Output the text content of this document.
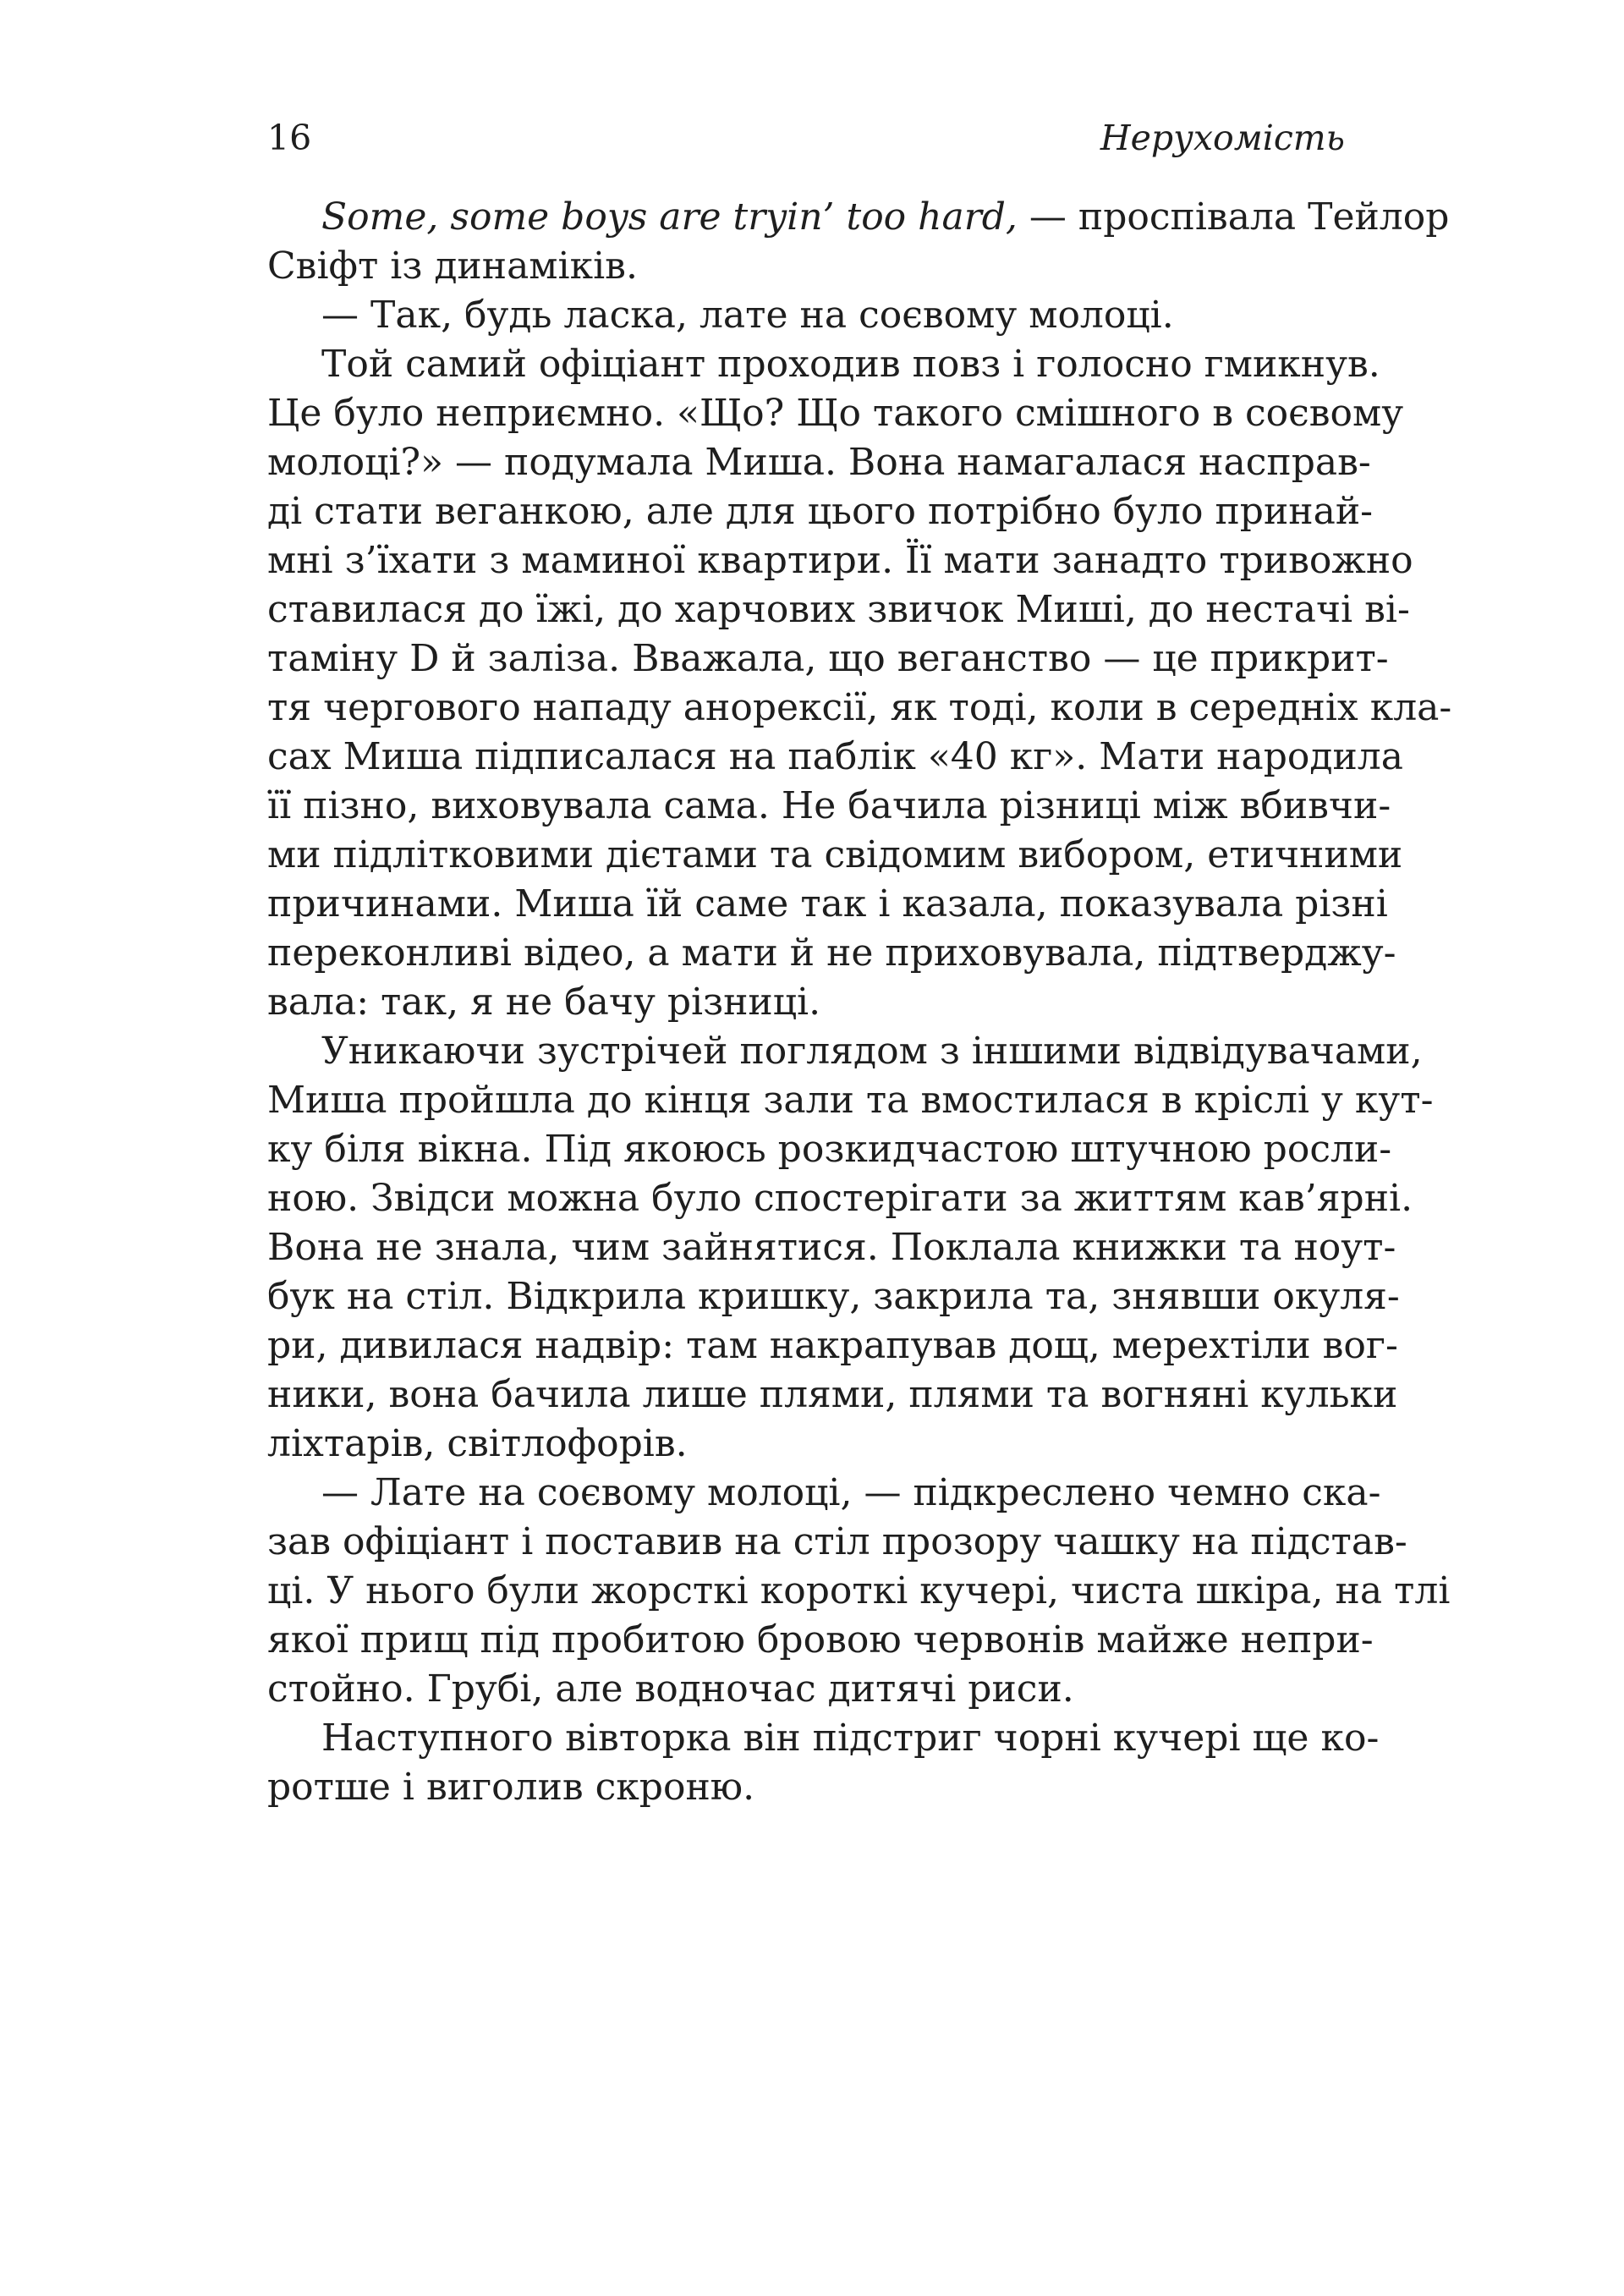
16	Нерухомість
Some, some boys are tryin’ too hard, — проспівала Тейлор
Свіфт із динаміків.
— Так, будь ласка, лате на соєвому молоці.
Той самий офіціант проходив повз і голосно гмикнув.
Це було неприємно. «Що? Що такого смішного в соєвому
молоці?» — подумала Миша. Вона намагалася насправ-
ді стати веганкою, але для цього потрібно було принай-
мні з’їхати з маминої квартири. Її мати занадто тривожно
ставилася до їжі, до харчових звичок Миші, до нестачі ві-
таміну D й заліза. Вважала, що веганство — це прикрит-
тя чергового нападу анорексії, як тоді, коли в середніх кла-
сах Миша підписалася на паблік «40 кг». Мати народила
її пізно, виховувала сама. Не бачила різниці між вбивчи-
ми підлітковими дієтами та свідомим вибором, етичними
причинами. Миша їй саме так і казала, показувала різні
переконливі відео, а мати й не приховувала, підтверджу-
вала: так, я не бачу різниці.
Уникаючи зустрічей поглядом з іншими відвідувачами,
Миша пройшла до кінця зали та вмостилася в кріслі у кут-
ку біля вікна. Під якоюсь розкидчастою штучною росли-
ною. Звідси можна було спостерігати за життям кав’ярні.
Вона не знала, чим зайнятися. Поклала книжки та ноут-
бук на стіл. Відкрила кришку, закрила та, знявши окуля-
ри, дивилася надвір: там накрапував дощ, мерехтіли вог-
ники, вона бачила лише плями, плями та вогняні кульки
ліхтарів, світлофорів.
— Лате на соєвому молоці, — підкреслено чемно ска-
зав офіціант і поставив на стіл прозору чашку на підстав-
ці. У нього були жорсткі короткі кучері, чиста шкіра, на тлі
якої прищ під пробитою бровою червонів майже непри-
стойно. Грубі, але водночас дитячі риси.
Наступного вівторка він підстриг чорні кучері ще ко-
ротше і виголив скроню.
